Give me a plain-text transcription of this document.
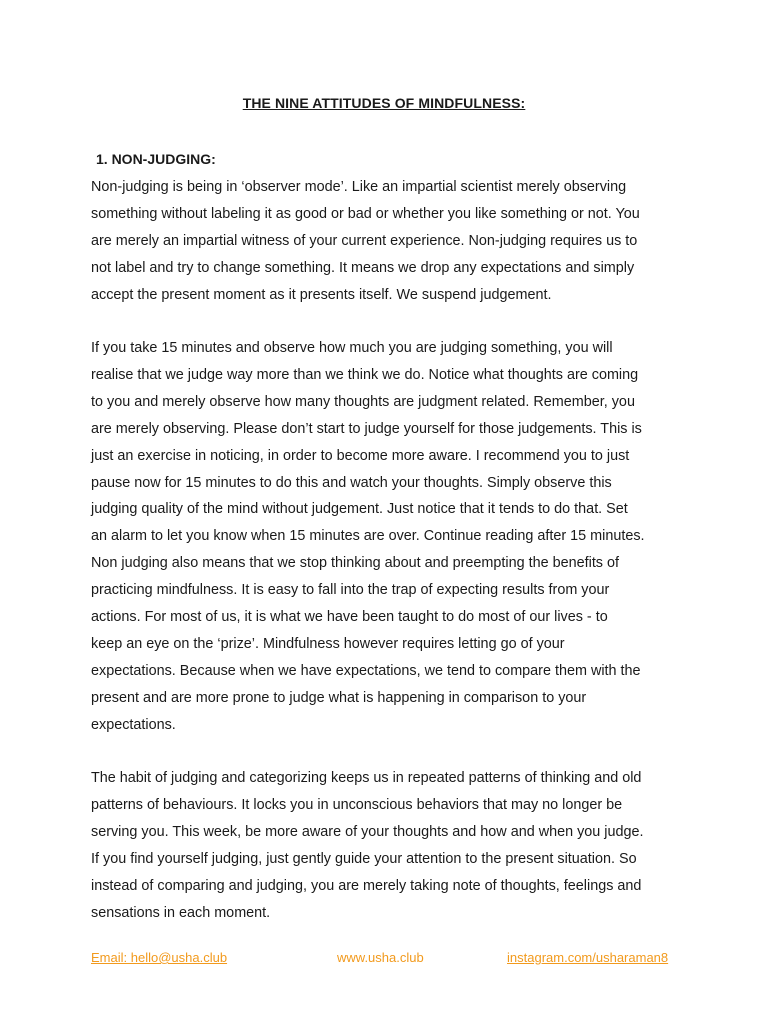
THE NINE ATTITUDES OF MINDFULNESS:
1. NON-JUDGING:

Non-judging is being in ‘observer mode’. Like an impartial scientist merely observing
something without labeling it as good or bad or whether you like something or not. You
are merely an impartial witness of your current experience. Non-judging requires us to
not label and try to change something. It means we drop any expectations and simply
accept the present moment as it presents itself. We suspend judgement.

If you take 15 minutes and observe how much you are judging something, you will
realise that we judge way more than we think we do. Notice what thoughts are coming
to you and merely observe how many thoughts are judgment related. Remember, you
are merely observing. Please don’t start to judge yourself for those judgements. This is
just an exercise in noticing, in order to become more aware. I recommend you to just
pause now for 15 minutes to do this and watch your thoughts. Simply observe this
judging quality of the mind without judgement. Just notice that it tends to do that. Set
an alarm to let you know when 15 minutes are over. Continue reading after 15 minutes.
Non judging also means that we stop thinking about and preempting the benefits of
practicing mindfulness. It is easy to fall into the trap of expecting results from your
actions. For most of us, it is what we have been taught to do most of our lives - to
keep an eye on the ‘prize’. Mindfulness however requires letting go of your
expectations. Because when we have expectations, we tend to compare them with the
present and are more prone to judge what is happening in comparison to your
expectations.

The habit of judging and categorizing keeps us in repeated patterns of thinking and old
patterns of behaviours. It locks you in unconscious behaviors that may no longer be
serving you. This week, be more aware of your thoughts and how and when you judge.
If you find yourself judging, just gently guide your attention to the present situation. So
instead of comparing and judging, you are merely taking note of thoughts, feelings and
sensations in each moment.

Email: hello@usha.club	www.usha.club	instagram.com/usharaman8
